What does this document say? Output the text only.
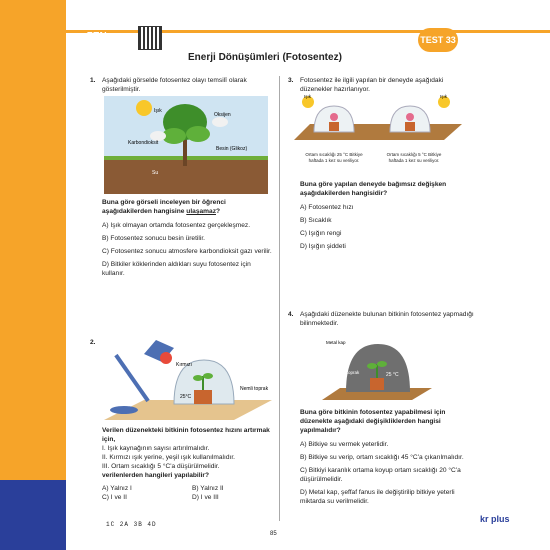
LGS
FEN
BİLİMLERİ
TEST 33
Enerji Dönüşümleri (Fotosentez)
1. Aşağıdaki görselde fotosentez olayı temsilî olarak gösterilmiştir.
Işık
Oksijen
Karbondioksit
Besin (Glikoz)
Su
Buna göre görseli inceleyen bir öğrenci aşağıdakilerden hangisine ulaşamaz?
A) Işık olmayan ortamda fotosentez gerçekleşmez.
B) Fotosentez sonucu besin üretilir.
C) Fotosentez sonucu atmosfere karbondioksit gazı verilir.
D) Bitkiler köklerinden aldıkları suyu fotosentez için kullanır.
2.
Kırmızı
25°C
Nemli toprak
Verilen düzenekteki bitkinin fotosentez hızını artırmak için,
I. Işık kaynağının sayısı artırılmalıdır.
II. Kırmızı ışık yerine, yeşil ışık kullanılmalıdır.
III. Ortam sıcaklığı 5 °C'a düşürülmelidir.
verilenlerden hangileri yapılabilir?
A) Yalnız I	B) Yalnız II
C) I ve II	D) I ve III
3. Fotosentez ile ilgili yapılan bir deneyde aşağıdaki düzenekler hazırlanıyor.
Işık	Işık
Ortam sıcaklığı 25 °C Bitkiye haftada 1 kez su veriliyor.
Ortam sıcaklığı 5 °C Bitkiye haftada 1 kez su veriliyor.
Buna göre yapılan deneyde bağımsız değişken aşağıdakilerden hangisidir?
A) Fotosentez hızı
B) Sıcaklık
C) Işığın rengi
D) Işığın şiddeti
4. Aşağıdaki düzenekte bulunan bitkinin fotosentez yapmadığı bilinmektedir.
Metal kap
Kuru toprak	25 °C
Buna göre bitkinin fotosentez yapabilmesi için düzenekte aşağıdaki değişikliklerden hangisi yapılmalıdır?
A) Bitkiye su vermek yeterlidir.
B) Bitkiye su verip, ortam sıcaklığı 45 °C'a çıkarılmalıdır.
C) Bitkiyi karanlık ortama koyup ortam sıcaklığı 20 °C'a düşürülmelidir.
D) Metal kap, şeffaf fanus ile değiştirilip bitkiye yeterli miktarda su verilmelidir.
1C 2A 3B 4D
85
kr plus
